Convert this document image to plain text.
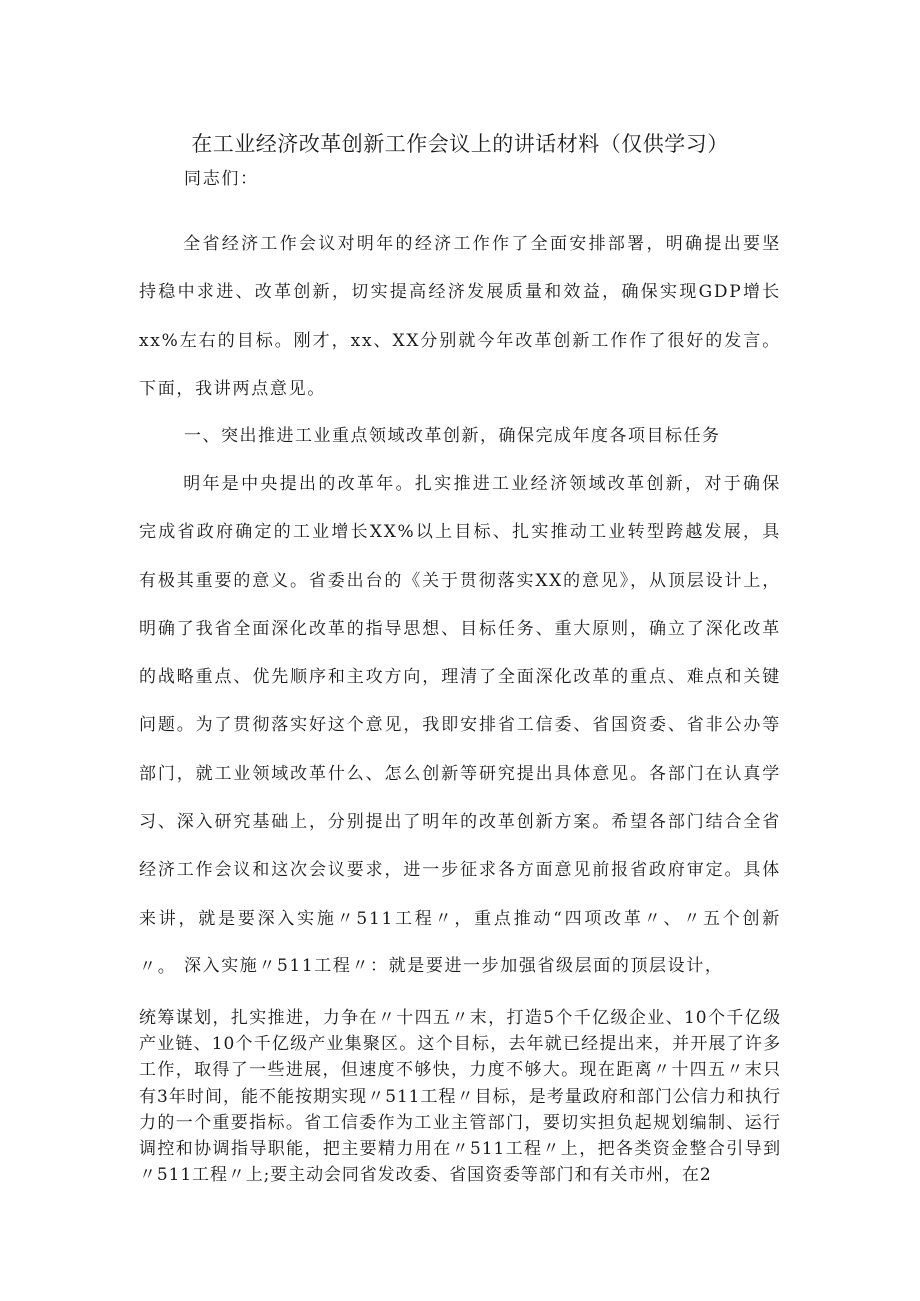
在工业经济改革创新工作会议上的讲话材料（仅供学习）

同志们：

全省经济工作会议对明年的经济工作作了全面安排部署，明确提出要坚持稳中求进、改革创新，切实提高经济发展质量和效益，确保实现GDP增长xx%左右的目标。刚才，xx、XX分别就今年改革创新工作作了很好的发言。下面，我讲两点意见。

一、突出推进工业重点领域改革创新，确保完成年度各项目标任务

明年是中央提出的改革年。扎实推进工业经济领域改革创新，对于确保完成省政府确定的工业增长XX%以上目标、扎实推动工业转型跨越发展，具有极其重要的意义。省委出台的《关于贯彻落实XX的意见》，从顶层设计上，明确了我省全面深化改革的指导思想、目标任务、重大原则，确立了深化改革的战略重点、优先顺序和主攻方向，理清了全面深化改革的重点、难点和关键问题。为了贯彻落实好这个意见，我即安排省工信委、省国资委、省非公办等部门，就工业领域改革什么、怎么创新等研究提出具体意见。各部门在认真学习、深入研究基础上，分别提出了明年的改革创新方案。希望各部门结合全省经济工作会议和这次会议要求，进一步征求各方面意见前报省政府审定。具体来讲，就是要深入实施〃511工程〃，重点推动“四项改革〃、〃五个创新〃。 深入实施〃511工程〃：就是要进一步加强省级层面的顶层设计，

统筹谋划，扎实推进，力争在〃十四五〃末，打造5个千亿级企业、10个千亿级产业链、10个千亿级产业集聚区。这个目标，去年就已经提出来，并开展了许多工作，取得了一些进展，但速度不够快，力度不够大。现在距离〃十四五〃末只有3年时间，能不能按期实现〃511工程〃目标，是考量政府和部门公信力和执行力的一个重要指标。省工信委作为工业主管部门，要切实担负起规划编制、运行调控和协调指导职能，把主要精力用在〃511工程〃上，把各类资金整合引导到〃511工程〃上;要主动会同省发改委、省国资委等部门和有关市州，在2
